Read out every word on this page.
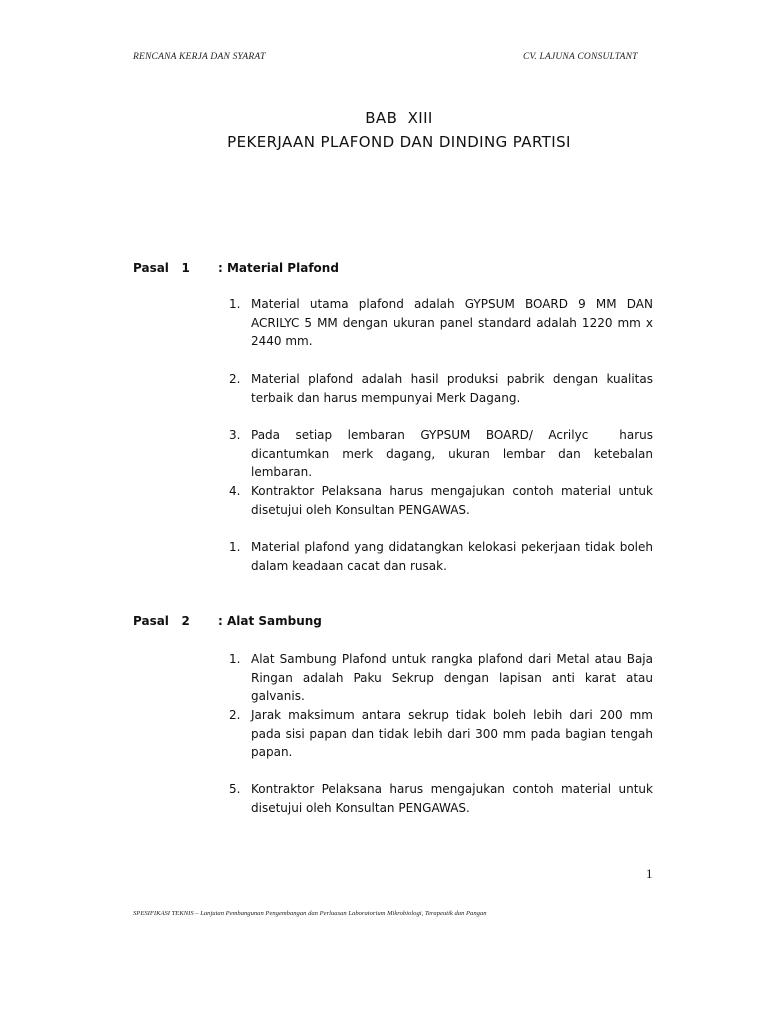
RENCANA KERJA DAN SYARAT	CV. LAJUNA CONSULTANT
BAB  XIII
PEKERJAAN PLAFOND DAN DINDING PARTISI
Pasal   1 : Material Plafond
1. Material utama plafond adalah GYPSUM BOARD 9 MM DAN ACRILYC 5 MM dengan ukuran panel standard adalah 1220 mm x 2440 mm.
2. Material plafond adalah hasil produksi pabrik dengan kualitas terbaik dan harus mempunyai Merk Dagang.
3. Pada setiap lembaran GYPSUM BOARD/ Acrilyc  harus dicantumkan merk dagang, ukuran lembar dan ketebalan lembaran.
4. Kontraktor Pelaksana harus mengajukan contoh material untuk disetujui oleh Konsultan PENGAWAS.
1. Material plafond yang didatangkan kelokasi pekerjaan tidak boleh dalam keadaan cacat dan rusak.
Pasal   2 : Alat Sambung
1. Alat Sambung Plafond untuk rangka plafond dari Metal atau Baja Ringan adalah Paku Sekrup dengan lapisan anti karat atau galvanis.
2. Jarak maksimum antara sekrup tidak boleh lebih dari 200 mm pada sisi papan dan tidak lebih dari 300 mm pada bagian tengah papan.
5. Kontraktor Pelaksana harus mengajukan contoh material untuk disetujui oleh Konsultan PENGAWAS.
1
SPESIFIKASI TEKNIS – Lanjutan Pembangunan Pengembangan dan Perluasan Laboratorium Mikrobiologi, Terapeutik dan Pangan
